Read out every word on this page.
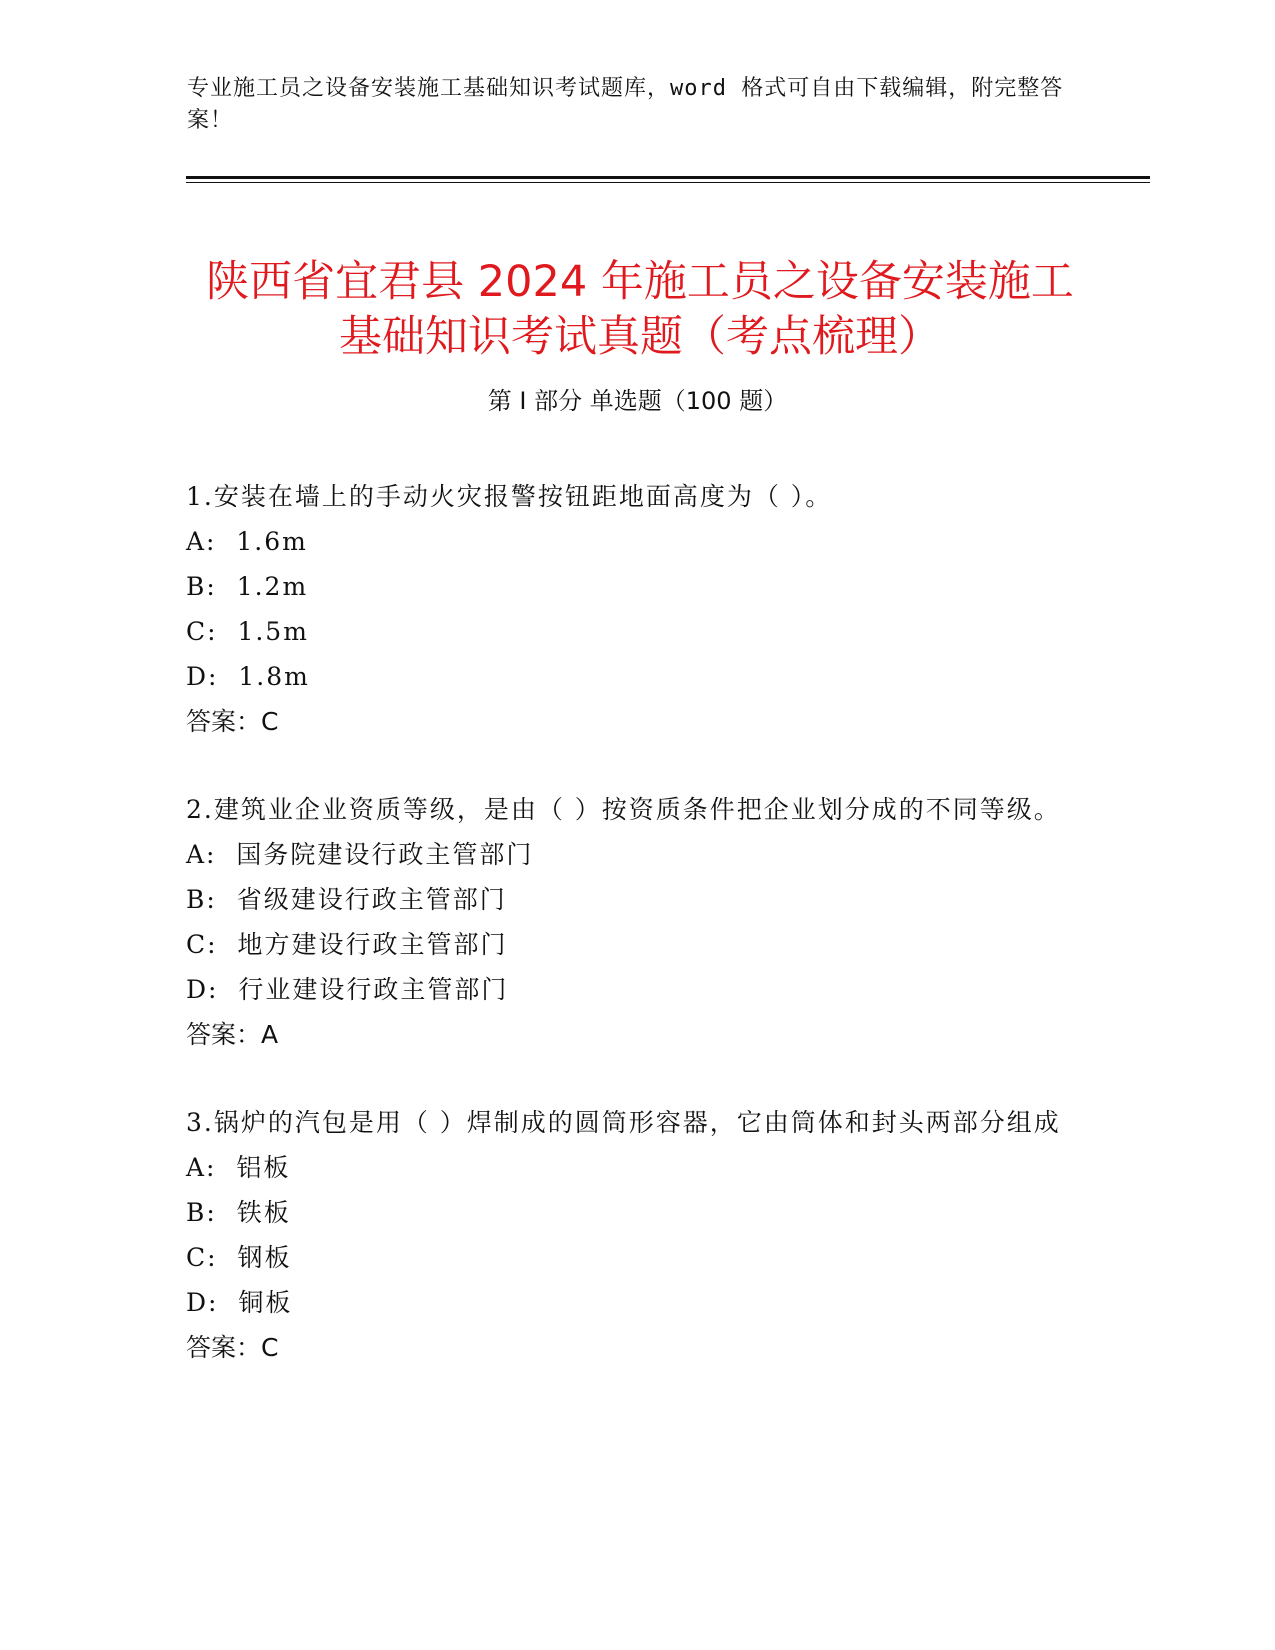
专业施工员之设备安装施工基础知识考试题库，word 格式可自由下载编辑，附完整答案！
陕西省宜君县 2024 年施工员之设备安装施工
基础知识考试真题（考点梳理）
第 I 部分 单选题（100 题）

1.安装在墙上的手动火灾报警按钮距地面高度为（ ）。

A:  1.6m

B:  1.2m

C:  1.5m

D:  1.8m

答案：C

2.建筑业企业资质等级，是由（ ）按资质条件把企业划分成的不同等级。

A:  国务院建设行政主管部门

B:  省级建设行政主管部门

C:  地方建设行政主管部门

D:  行业建设行政主管部门

答案：A

3.锅炉的汽包是用（ ）焊制成的圆筒形容器，它由筒体和封头两部分组成

A:  铝板

B:  铁板

C:  钢板

D:  铜板

答案：C
